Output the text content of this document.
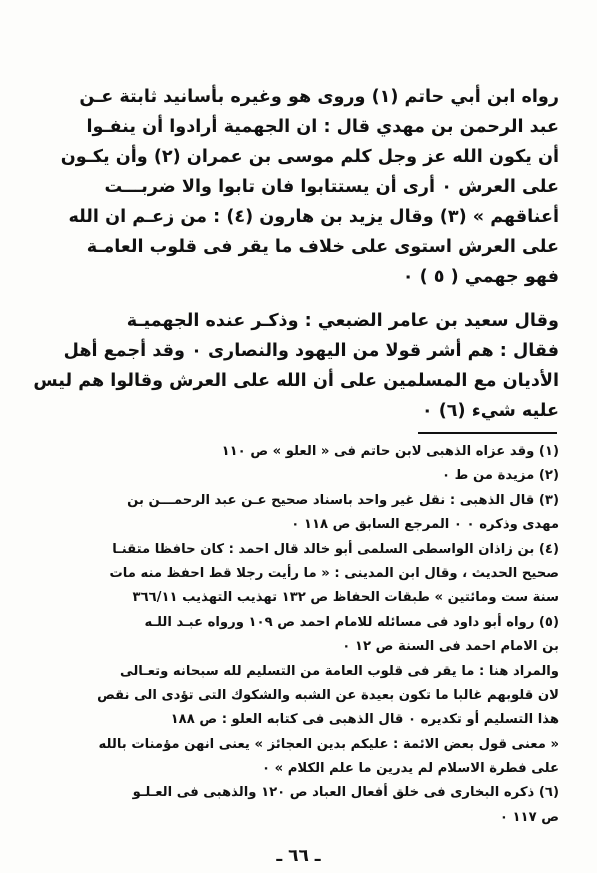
رواه ابن أبي حاتم (١) وروى هو وغيره بأسانيد ثابتة عـن
عبد الرحمن بن مهدي قال : ان الجهمية أرادوا أن ينفـوا
أن يكون الله عز وجل كلم موسى بن عمران (٢) وأن يكـون
على العرش ٠ أرى أن يستتابوا فان تابوا والا ضربـــت
أعناقهم » (٣) وقال يزيد بن هارون (٤) : من زعـم ان الله
على العرش استوى على خلاف ما يقر فى قلوب العامـة
فهو جهمي ( ٥ ) ٠
وقال سعيد بن عامر الضبعي : وذكـر عنده الجهميـة
فقال : هم أشر قولا من اليهود والنصارى ٠ وقد أجمع أهل
الأديان مع المسلمين على أن الله على العرش وقالوا هم ليس
عليه شيء (٦) ٠
(١) وقد عزاه الذهبى لابن حاتم فى « العلو » ص ١١٠
(٢) مزيدة من ط ٠
(٣) قال الذهبى : نقل غير واحد باسناد صحيح عـن عبد الرحمـــن بن
مهدى وذكره ٠ ٠ المرجع السابق ص ١١٨ ٠
(٤) بن زاذان الواسطى السلمى أبو خالد قال احمد : كان حافظا متقنـا
صحيح الحديث ، وقال ابن المدينى : « ما رأيت رجلا قط احفظ منه مات
سنة ست ومائتين » طبقات الحفاظ ص ١٣٢ تهذيب التهذيب ٣٦٦/١١
(٥) رواه أبو داود فى مسائله للامام احمد ص ١٠٩ ورواه عبـد اللـه
بن الامام احمد فى السنة ص ١٢ ٠
والمراد هنا : ما يقر فى قلوب العامة من التسليم لله سبحانه وتعـالى
لان قلوبهم غالبا ما تكون بعيدة عن الشبه والشكوك التى تؤدى الى نقص
هذا التسليم أو تكديره ٠ قال الذهبى فى كتابه العلو : ص ١٨٨
« معنى قول بعض الائمة : عليكم بدين العجائز » يعنى انهن مؤمنات بالله
على فطرة الاسلام لم يدرين ما علم الكلام » ٠
(٦) ذكره البخارى فى خلق أفعال العباد ص ١٢٠ والذهبى فى العـلـو
ص ١١٧ ٠
ـ ٦٦ ـ
